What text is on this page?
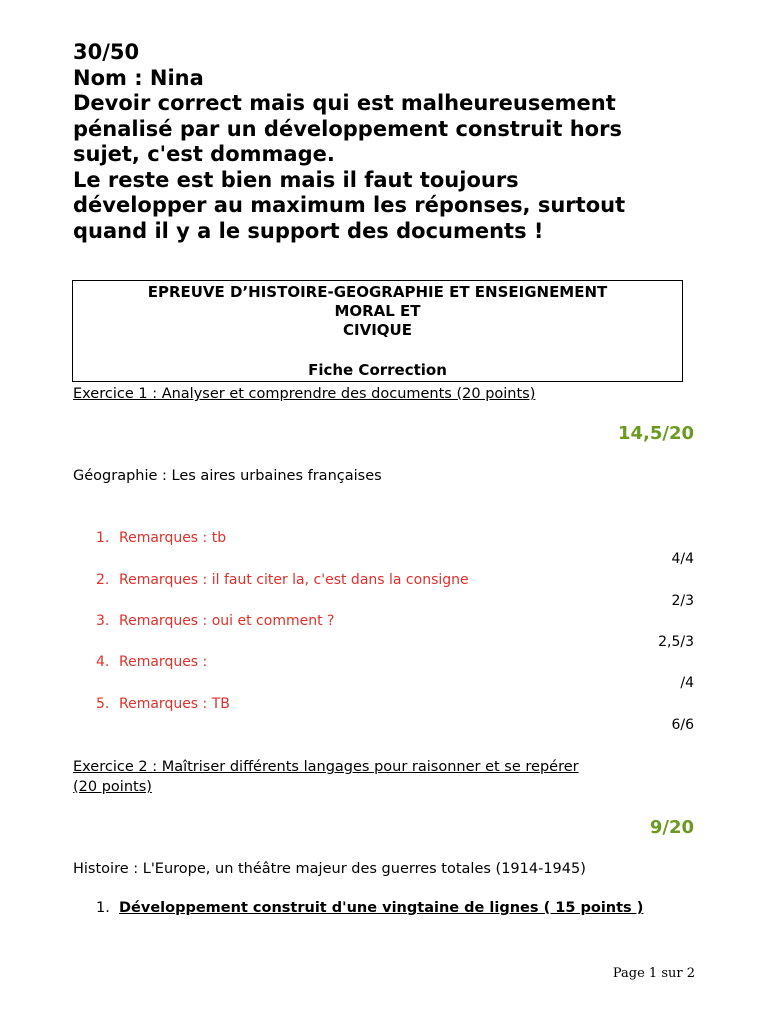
30/50
Nom : Nina
Devoir correct mais qui est malheureusement
pénalisé par un développement construit hors
sujet, c'est dommage.
Le reste est bien mais il faut toujours
développer au maximum les réponses, surtout
quand il y a le support des documents !
EPREUVE D’HISTOIRE-GEOGRAPHIE ET ENSEIGNEMENT
MORAL ET
CIVIQUE
Fiche Correction
Exercice 1 : Analyser et comprendre des documents (20 points)
14,5/20
Géographie : Les aires urbaines françaises
1. Remarques : tb
4/4
2. Remarques : il faut citer la, c'est dans la consigne
2/3
3. Remarques : oui et comment ?
2,5/3
4. Remarques :
/4
5. Remarques : TB
6/6
Exercice 2 : Maîtriser différents langages pour raisonner et se repérer
(20 points)
9/20
Histoire : L'Europe, un théâtre majeur des guerres totales (1914-1945)
1. Développement construit d'une vingtaine de lignes ( 15 points )
Page 1 sur 2
